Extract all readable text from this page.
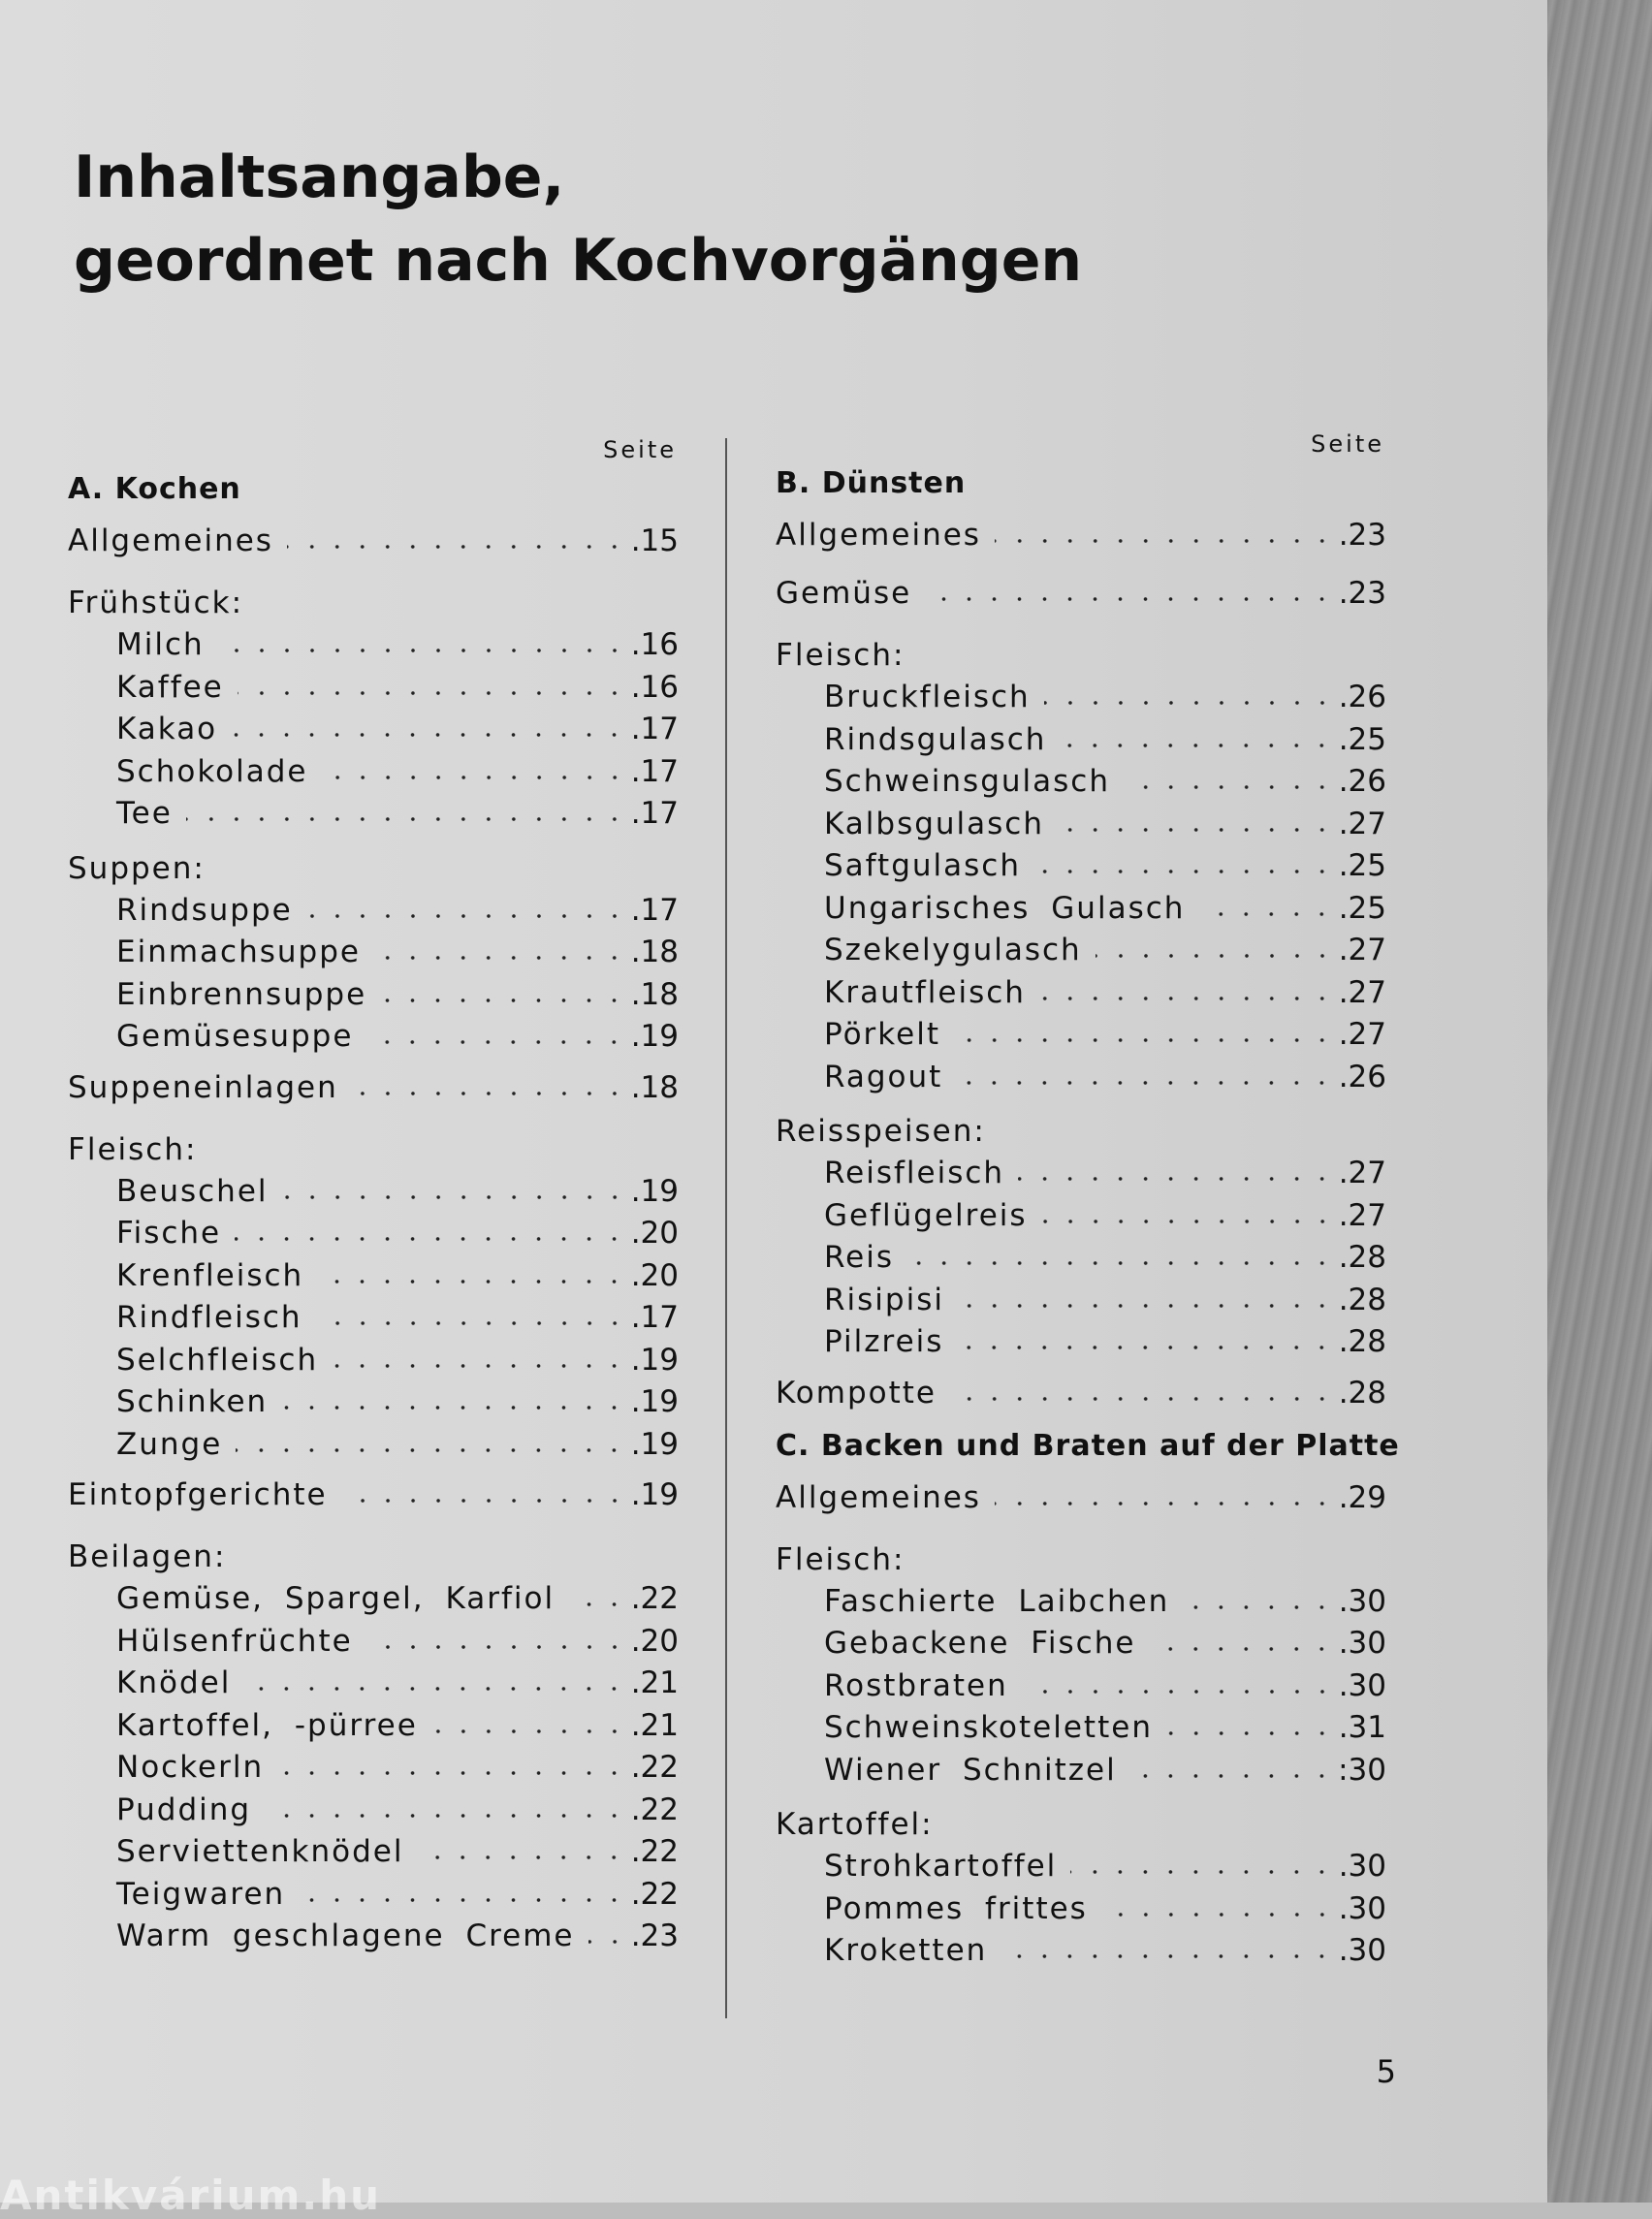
Inhaltsangabe,
geordnet nach Kochvorgängen
Seite
A. Kochen
Allgemeines	.15
Frühstück:
Milch	.16
Kaffee	.16
Kakao	.17
Schokolade	.17
Tee	.17
Suppen:
Rindsuppe	.17
Einmachsuppe	.18
Einbrennsuppe	.18
Gemüsesuppe	.19
Suppeneinlagen	.18
Fleisch:
Beuschel	.19
Fische	.20
Krenfleisch	.20
Rindfleisch	.17
Selchfleisch	.19
Schinken	.19
Zunge	.19
Eintopfgerichte	.19
Beilagen:
Gemüse, Spargel, Karfiol	.22
Hülsenfrüchte	.20
Knödel	.21
Kartoffel, -pürree	.21
Nockerln	.22
Pudding	.22
Serviettenknödel	.22
Teigwaren	.22
Warm geschlagene Creme .23
Seite
B. Dünsten
Allgemeines	.23
Gemüse	.23
Fleisch:
Bruckfleisch	.26
Rindsgulasch	.25
Schweinsgulasch	.26
Kalbsgulasch	.27
Saftgulasch	.25
Ungarisches Gulasch	.25
Szekelygulasch	.27
Krautfleisch	.27
Pörkelt	.27
Ragout	.26
Reisspeisen:
Reisfleisch	.27
Geflügelreis	.27
Reis	.28
Risipisi	.28
Pilzreis	.28
Kompotte	.28
C. Backen und Braten auf der Platte
Allgemeines	.29
Fleisch:
Faschierte Laibchen	.30
Gebackene Fische	.30
Rostbraten	.30
Schweinskoteletten	.31
Wiener Schnitzel	:30
Kartoffel:
Strohkartoffel	.30
Pommes frittes	.30
Kroketten	.30
5
Antikvárium.hu
